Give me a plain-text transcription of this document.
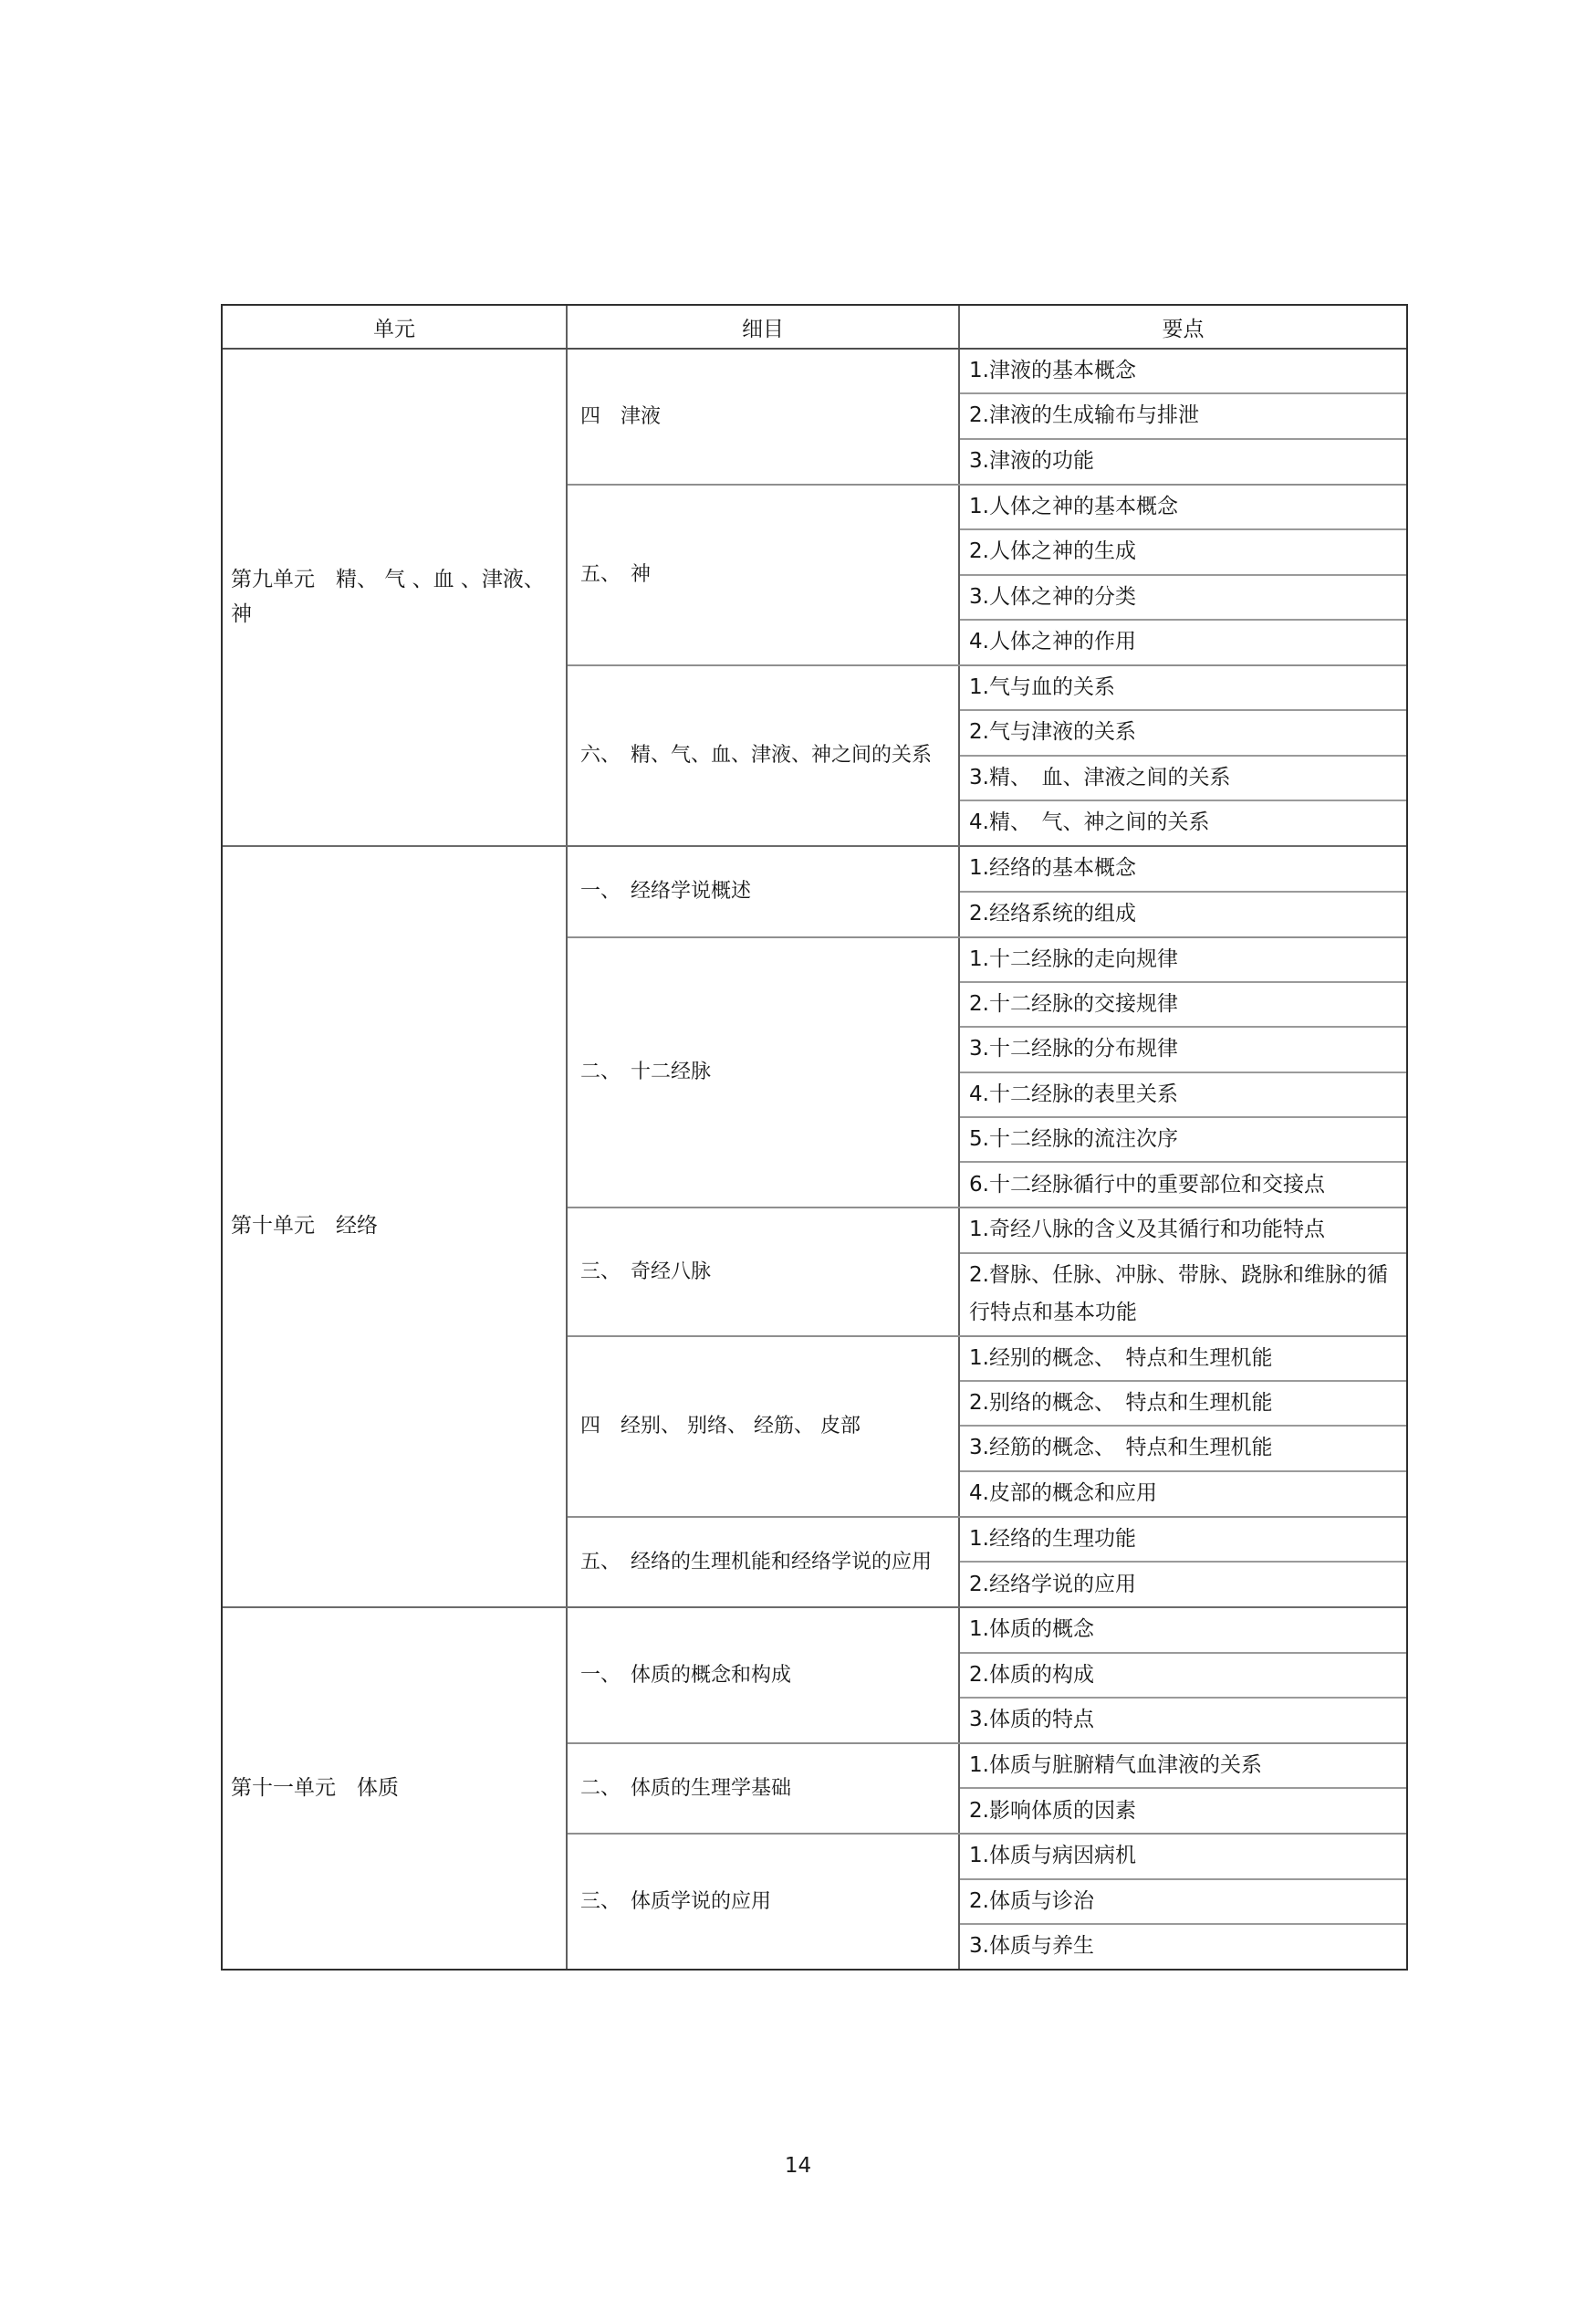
单元	细目	要点
第九单元　精、 气 、血 、津液、神
四　津液
1.津液的基本概念
2.津液的生成输布与排泄
3.津液的功能
五、　神
1.人体之神的基本概念
2.人体之神的生成
3.人体之神的分类
4.人体之神的作用
六、　精、气、血、津液、神之间的关系
1.气与血的关系
2.气与津液的关系
3.精、　血、津液之间的关系
4.精、　气、神之间的关系
第十单元　经络
一、　经络学说概述
1.经络的基本概念
2.经络系统的组成
二、　十二经脉
1.十二经脉的走向规律
2.十二经脉的交接规律
3.十二经脉的分布规律
4.十二经脉的表里关系
5.十二经脉的流注次序
6.十二经脉循行中的重要部位和交接点
三、　奇经八脉
1.奇经八脉的含义及其循行和功能特点
2.督脉、任脉、冲脉、带脉、跷脉和维脉的循行特点和基本功能
四　经别、 别络、 经筋、 皮部
1.经别的概念、　特点和生理机能
2.别络的概念、　特点和生理机能
3.经筋的概念、　特点和生理机能
4.皮部的概念和应用
五、　经络的生理机能和经络学说的应用
1.经络的生理功能
2.经络学说的应用
第十一单元　体质
一、　体质的概念和构成
1.体质的概念
2.体质的构成
3.体质的特点
二、　体质的生理学基础
1.体质与脏腑精气血津液的关系
2.影响体质的因素
三、　体质学说的应用
1.体质与病因病机
2.体质与诊治
3.体质与养生
14
